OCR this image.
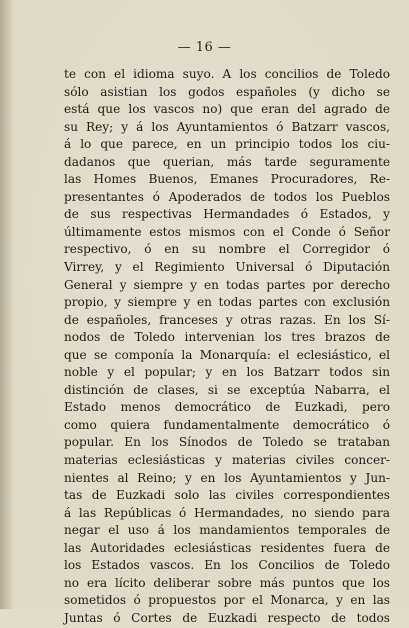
— 16 —
te con el idioma suyo. A los concilios de Toledo
sólo asistian los godos españoles (y dicho se
está que los vascos no) que eran del agrado de
su Rey; y á los Ayuntamientos ó Batzarr vascos,
á lo que parece, en un principio todos los ciu-
dadanos que querian, más tarde seguramente
las Homes Buenos, Emanes Procuradores, Re-
presentantes ó Apoderados de todos los Pueblos
de sus respectivas Hermandades ó Estados, y
últimamente estos mismos con el Conde ó Señor
respectivo, ó en su nombre el Corregidor ó
Virrey, y el Regimiento Universal ó Diputación
General y siempre y en todas partes por derecho
propio, y siempre y en todas partes con exclusión
de españoles, franceses y otras razas. En los Sí-
nodos de Toledo intervenian los tres brazos de
que se componía la Monarquía: el eclesiástico, el
noble y el popular; y en los Batzarr todos sin
distinción de clases, si se exceptúa Nabarra, el
Estado menos democrático de Euzkadi, pero
como quiera fundamentalmente democrático ó
popular. En los Sínodos de Toledo se trataban
materias eclesiásticas y materias civiles concer-
nientes al Reino; y en los Ayuntamientos y Jun-
tas de Euzkadi solo las civiles correspondientes
á las Repúblicas ó Hermandades, no siendo para
negar el uso á los mandamientos temporales de
las Autoridades eclesiásticas residentes fuera de
los Estados vascos. En los Concilios de Toledo
no era lícito deliberar sobre más puntos que los
sometidos ó propuestos por el Monarca, y en las
Juntas ó Cortes de Euzkadi respecto de todos
